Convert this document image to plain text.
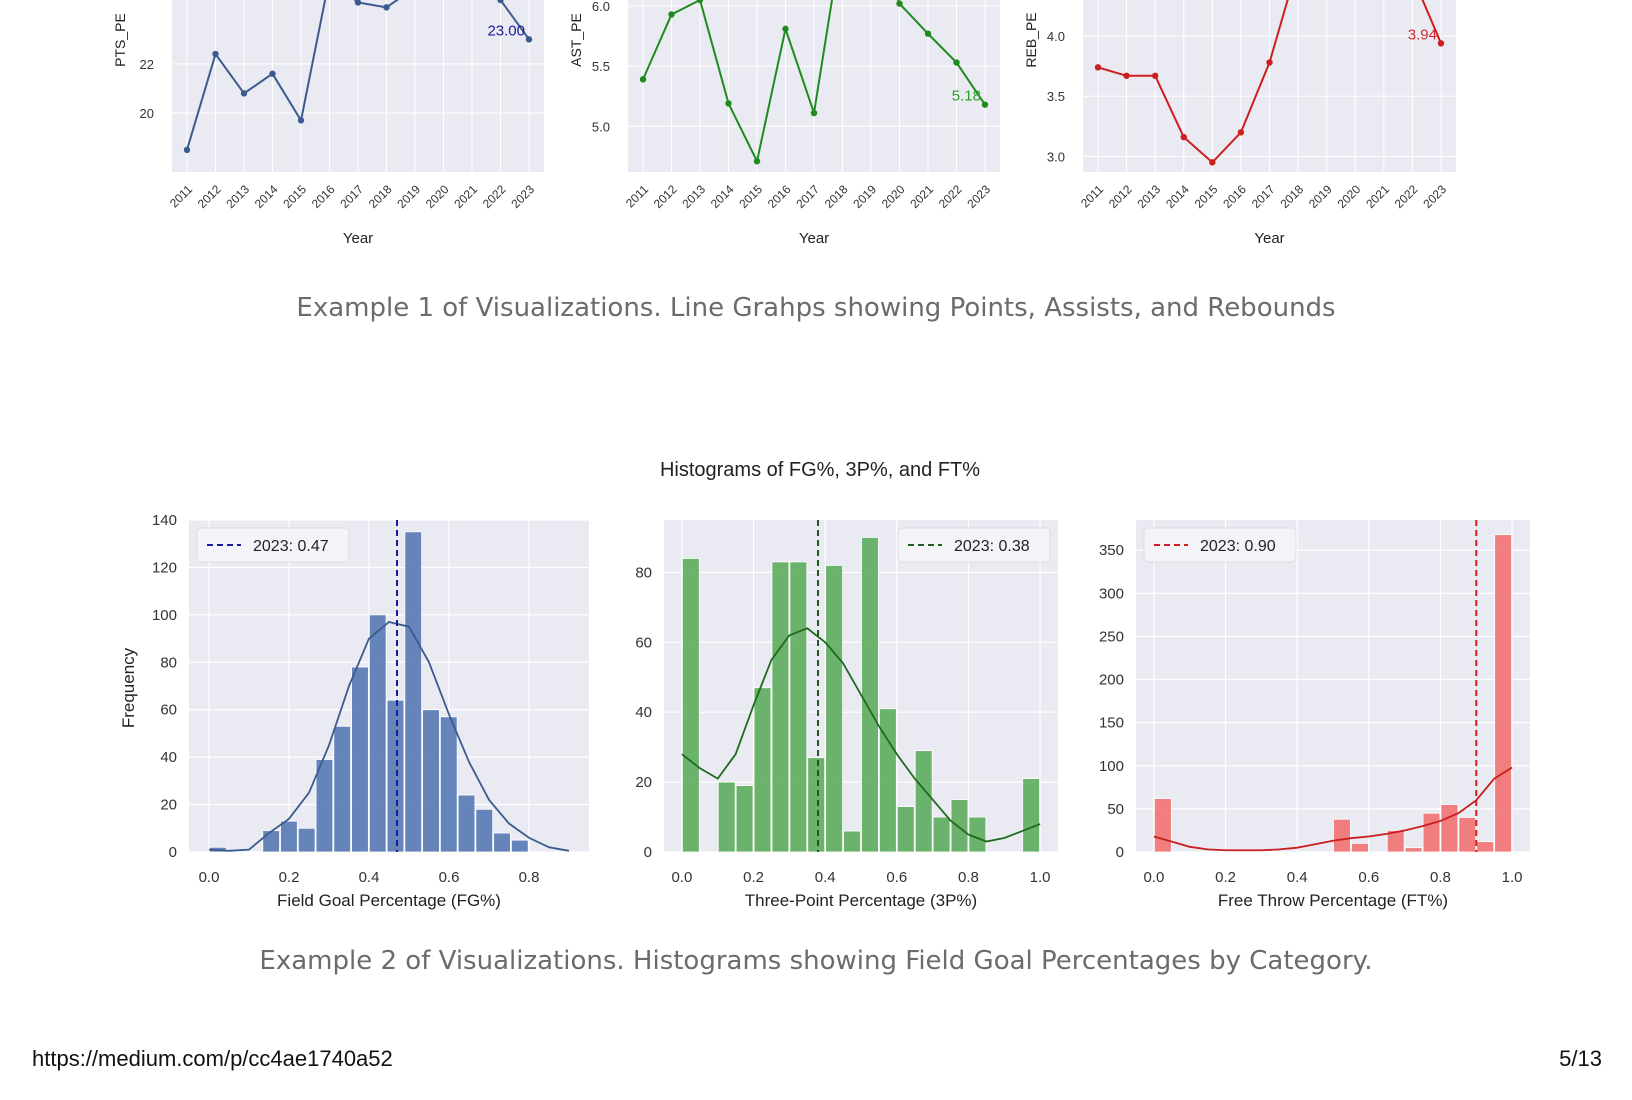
20
22
23.00
2011 2012 2013 2014 2015 2016 2017 2018 2019 2020 2021 2022 2023
Year
PTS_PE
5.0
5.5
6.0
5.18
2011 2012 2013 2014 2015 2016 2017 2018 2019 2020 2021 2022 2023
Year
AST_PE
3.0
3.5
4.0	3.94
2011 2012 2013 2014 2015 2016 2017 2018 2019 2020 2021 2022 2023
Year
REB_PE
Histograms of FG%, 3P%, and FT%
0.0	0.2	0.4	0.6	0.8
0
20
40
60
80
100
120
140
2023: 0.47
Field Goal Percentage (FG%)
Frequency
0.0	0.2	0.4	0.6	0.8	1.0
0
20
40
60
80
2023: 0.38
Three-Point Percentage (3P%)
0.0	0.2	0.4	0.6	0.8	1.0
0
50
100
150
200
250
300
350	2023: 0.90
Free Throw Percentage (FT%)
Example 1 of Visualizations. Line Grahps showing Points, Assists, and Rebounds
Example 2 of Visualizations. Histograms showing Field Goal Percentages by Category.
https://medium.com/p/cc4ae1740a52	5/13
